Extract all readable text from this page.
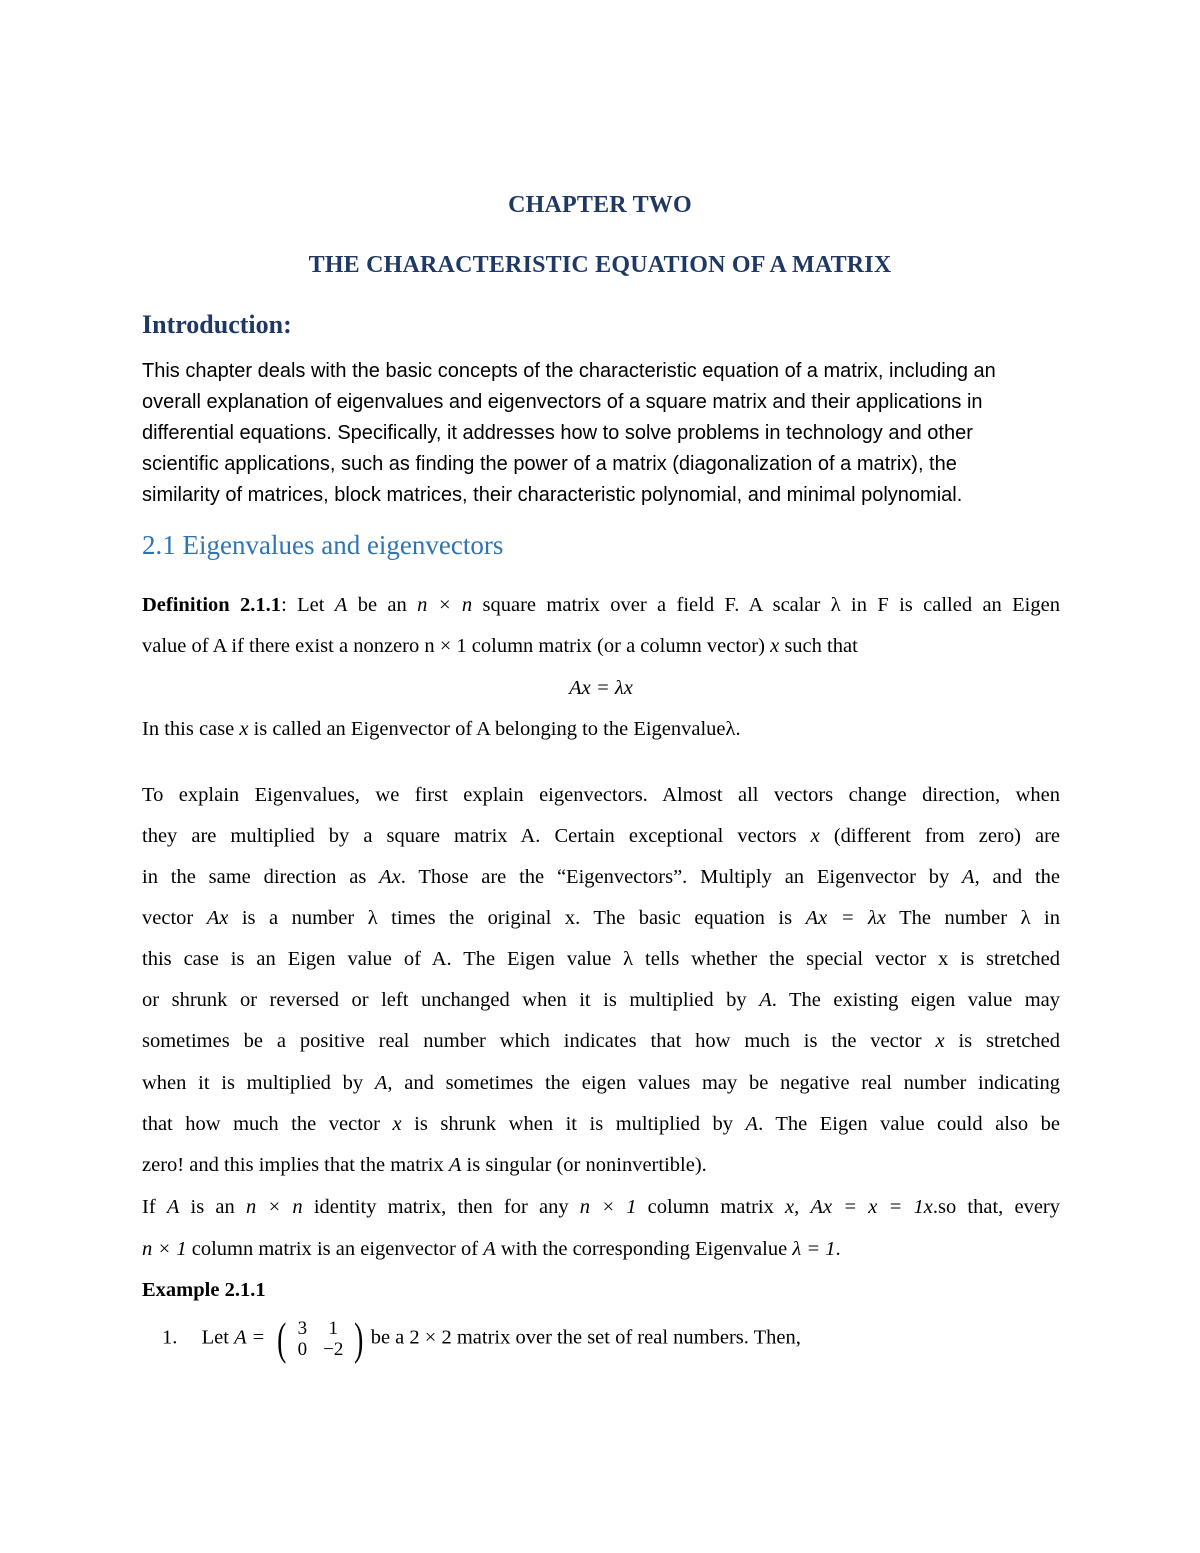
CHAPTER TWO
THE CHARACTERISTIC EQUATION OF A MATRIX
Introduction:
This chapter deals with the basic concepts of the characteristic equation of a matrix, including an
overall explanation of eigenvalues and eigenvectors of a square matrix and their applications in
differential equations. Specifically, it addresses how to solve problems in technology and other
scientific applications, such as finding the power of a matrix (diagonalization of a matrix), the
similarity of matrices, block matrices, their characteristic polynomial, and minimal polynomial.
2.1 Eigenvalues and eigenvectors
Definition 2.1.1: Let A be an n × n square matrix over a field F. A scalar λ in F is called an Eigen
value of A if there exist a nonzero n × 1 column matrix (or a column vector) x such that
Ax = λx
In this case x is called an Eigenvector of A belonging to the Eigenvalueλ.
To explain Eigenvalues, we first explain eigenvectors. Almost all vectors change direction, when
they are multiplied by a square matrix A. Certain exceptional vectors x (different from zero) are
in the same direction as Ax. Those are the “Eigenvectors”. Multiply an Eigenvector by A, and the
vector Ax is a number λ times the original x. The basic equation is Ax = λx The number λ in
this case is an Eigen value of A. The Eigen value λ tells whether the special vector x is stretched
or shrunk or reversed or left unchanged when it is multiplied by A. The existing eigen value may
sometimes be a positive real number which indicates that how much is the vector x is stretched
when it is multiplied by A, and sometimes the eigen values may be negative real number indicating
that how much the vector x is shrunk when it is multiplied by A. The Eigen value could also be
zero! and this implies that the matrix A is singular (or noninvertible).
If A is an n × n identity matrix, then for any n × 1 column matrix x, Ax = x = 1x.so that, every
n × 1 column matrix is an eigenvector of A with the corresponding Eigenvalue λ = 1.
Example 2.1.1
1. Let A = ( 3	1
0	−2 ) be a 2 × 2 matrix over the set of real numbers. Then,
